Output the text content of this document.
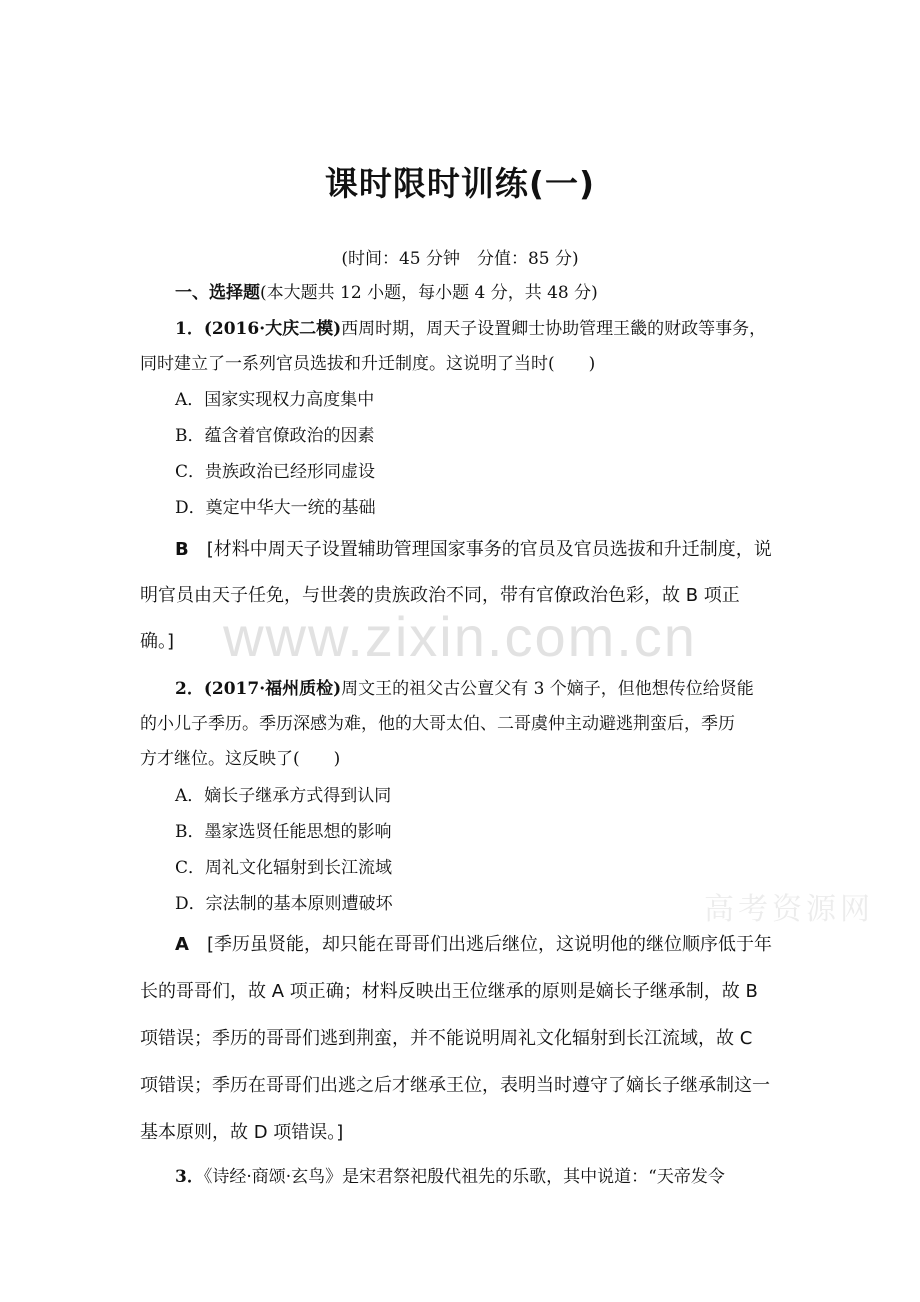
课时限时训练(一)
(时间：45 分钟　分值：85 分)
一、选择题(本大题共 12 小题，每小题 4 分，共 48 分)
1．(2016·大庆二模)西周时期，周天子设置卿士协助管理王畿的财政等事务，
同时建立了一系列官员选拔和升迁制度。这说明了当时(　　)
A．国家实现权力高度集中
B．蕴含着官僚政治的因素
C．贵族政治已经形同虚设
D．奠定中华大一统的基础
B　 [材料中周天子设置辅助管理国家事务的官员及官员选拔和升迁制度，说
明官员由天子任免，与世袭的贵族政治不同，带有官僚政治色彩，故 B 项正
确。] www.zixin.com.cn
2．(2017·福州质检)周文王的祖父古公亶父有 3 个嫡子，但他想传位给贤能
的小儿子季历。季历深感为难，他的大哥太伯、二哥虞仲主动避逃荆蛮后，季历
方才继位。这反映了(　　)
A．嫡长子继承方式得到认同
B．墨家选贤任能思想的影响
C．周礼文化辐射到长江流域
D．宗法制的基本原则遭破坏	高考资源网
A　 [季历虽贤能，却只能在哥哥们出逃后继位，这说明他的继位顺序低于年
长的哥哥们，故 A 项正确；材料反映出王位继承的原则是嫡长子继承制，故 B
项错误；季历的哥哥们逃到荆蛮，并不能说明周礼文化辐射到长江流域，故 C
项错误；季历在哥哥们出逃之后才继承王位，表明当时遵守了嫡长子继承制这一
基本原则，故 D 项错误。]
3．《诗经·商颂·玄鸟》是宋君祭祀殷代祖先的乐歌，其中说道：“天帝发令
